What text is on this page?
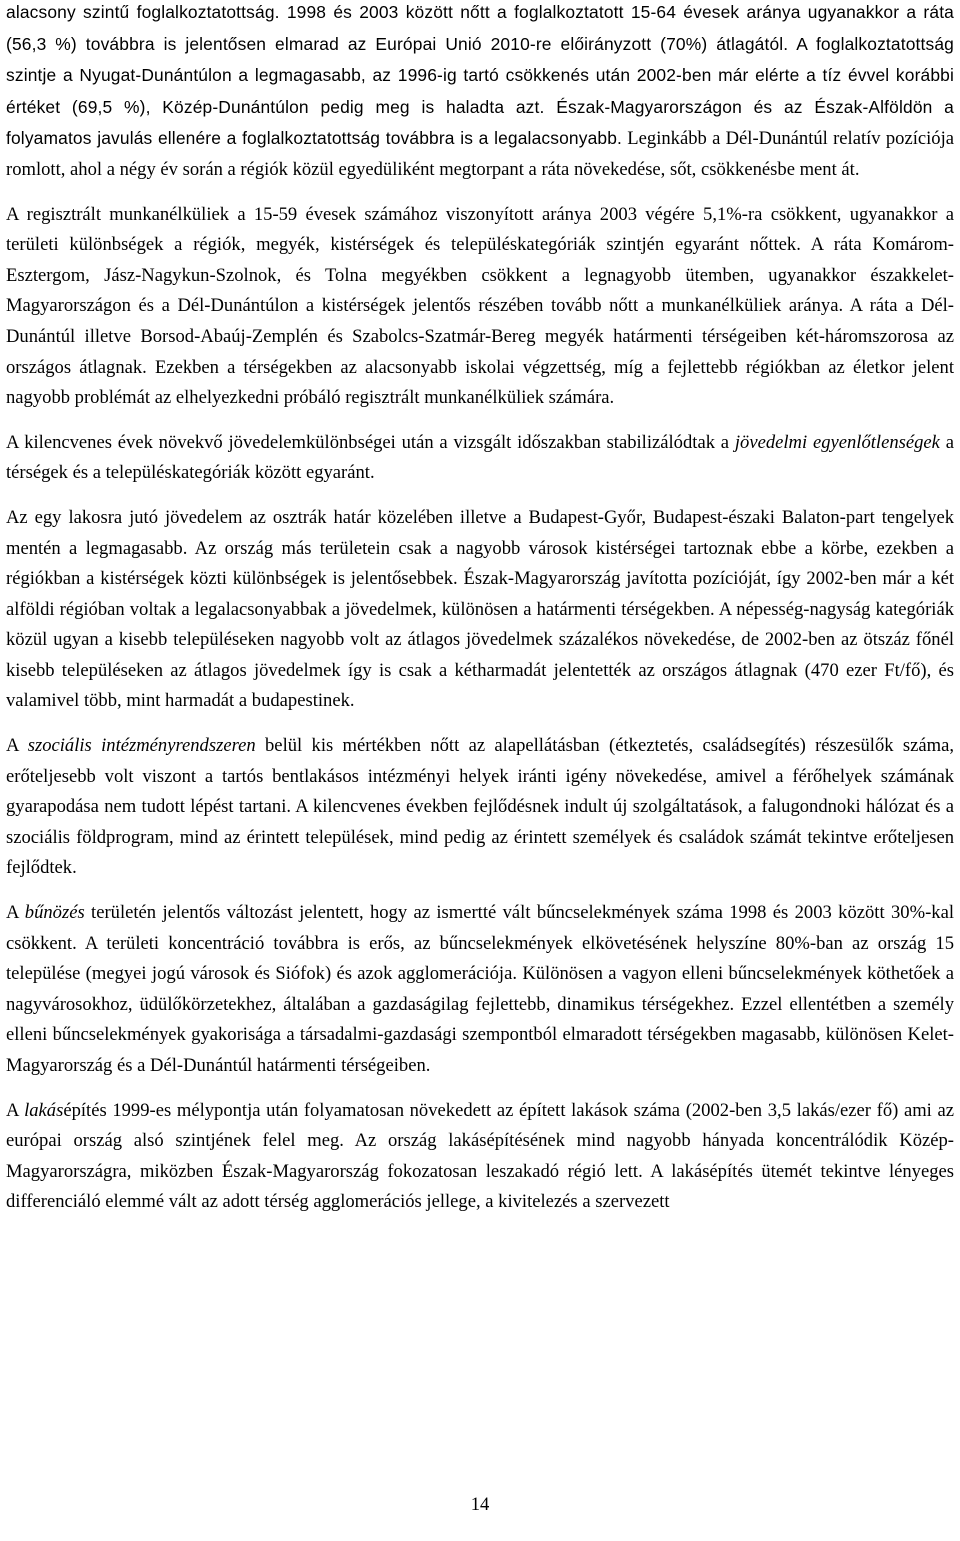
alacsony szintű foglalkoztatottság. 1998 és 2003 között nőtt a foglalkoztatott 15-64 évesek aránya ugyanakkor a ráta (56,3 %) továbbra is jelentősen elmarad az Európai Unió 2010-re előirányzott (70%) átlagától. A foglalkoztatottság szintje a Nyugat-Dunántúlon a legmagasabb, az 1996-ig tartó csökkenés után 2002-ben már elérte a tíz évvel korábbi értéket (69,5 %), Közép-Dunántúlon pedig meg is haladta azt. Észak-Magyarországon és az Észak-Alföldön a folyamatos javulás ellenére a foglalkoztatottság továbbra is a legalacsonyabb. Leginkább a Dél-Dunántúl relatív pozíciója romlott, ahol a négy év során a régiók közül egyedüliként megtorpant a ráta növekedése, sőt, csökkenésbe ment át.

A regisztrált munkanélküliek a 15-59 évesek számához viszonyított aránya 2003 végére 5,1%-ra csökkent, ugyanakkor a területi különbségek a régiók, megyék, kistérségek és településkategóriák szintjén egyaránt nőttek. A ráta Komárom-Esztergom, Jász-Nagykun-Szolnok, és Tolna megyékben csökkent a legnagyobb ütemben, ugyanakkor északkelet-Magyarországon és a Dél-Dunántúlon a kistérségek jelentős részében tovább nőtt a munkanélküliek aránya. A ráta a Dél-Dunántúl illetve Borsod-Abaúj-Zemplén és Szabolcs-Szatmár-Bereg megyék határmenti térségeiben két-háromszorosa az országos átlagnak. Ezekben a térségekben az alacsonyabb iskolai végzettség, míg a fejlettebb régiókban az életkor jelent nagyobb problémát az elhelyezkedni próbáló regisztrált munkanélküliek számára.

A kilencvenes évek növekvő jövedelemkülönbségei után a vizsgált időszakban stabilizálódtak a jövedelmi egyenlőtlenségek a térségek és a településkategóriák között egyaránt.

Az egy lakosra jutó jövedelem az osztrák határ közelében illetve a Budapest-Győr, Budapest-északi Balaton-part tengelyek mentén a legmagasabb. Az ország más területein csak a nagyobb városok kistérségei tartoznak ebbe a körbe, ezekben a régiókban a kistérségek közti különbségek is jelentősebbek. Észak-Magyarország javította pozícióját, így 2002-ben már a két alföldi régióban voltak a legalacsonyabbak a jövedelmek, különösen a határmenti térségekben. A népesség-nagyság kategóriák közül ugyan a kisebb településeken nagyobb volt az átlagos jövedelmek százalékos növekedése, de 2002-ben az ötszáz főnél kisebb településeken az átlagos jövedelmek így is csak a kétharmadát jelentették az országos átlagnak (470 ezer Ft/fő), és valamivel több, mint harmadát a budapestinek.

A szociális intézményrendszeren belül kis mértékben nőtt az alapellátásban (étkeztetés, családsegítés) részesülők száma, erőteljesebb volt viszont a tartós bentlakásos intézményi helyek iránti igény növekedése, amivel a férőhelyek számának gyarapodása nem tudott lépést tartani. A kilencvenes években fejlődésnek indult új szolgáltatások, a falugondnoki hálózat és a szociális földprogram, mind az érintett települések, mind pedig az érintett személyek és családok számát tekintve erőteljesen fejlődtek.

A bűnözés területén jelentős változást jelentett, hogy az ismertté vált bűncselekmények száma 1998 és 2003 között 30%-kal csökkent. A területi koncentráció továbbra is erős, az bűncselekmények elkövetésének helyszíne 80%-ban az ország 15 települése (megyei jogú városok és Siófok) és azok agglomerációja. Különösen a vagyon elleni bűncselekmények köthetőek a nagyvárosokhoz, üdülőkörzetekhez, általában a gazdaságilag fejlettebb, dinamikus térségekhez. Ezzel ellentétben a személy elleni bűncselekmények gyakorisága a társadalmi-gazdasági szempontból elmaradott térségekben magasabb, különösen Kelet-Magyarország és a Dél-Dunántúl határmenti térségeiben.

A lakásépítés 1999-es mélypontja után folyamatosan növekedett az épített lakások száma (2002-ben 3,5 lakás/ezer fő) ami az európai ország alsó szintjének felel meg. Az ország lakásépítésének mind nagyobb hányada koncentrálódik Közép-Magyarországra, miközben Észak-Magyarország fokozatosan leszakadó régió lett. A lakásépítés ütemét tekintve lényeges differenciáló elemmé vált az adott térség agglomerációs jellege, a kivitelezés a szervezett

14
